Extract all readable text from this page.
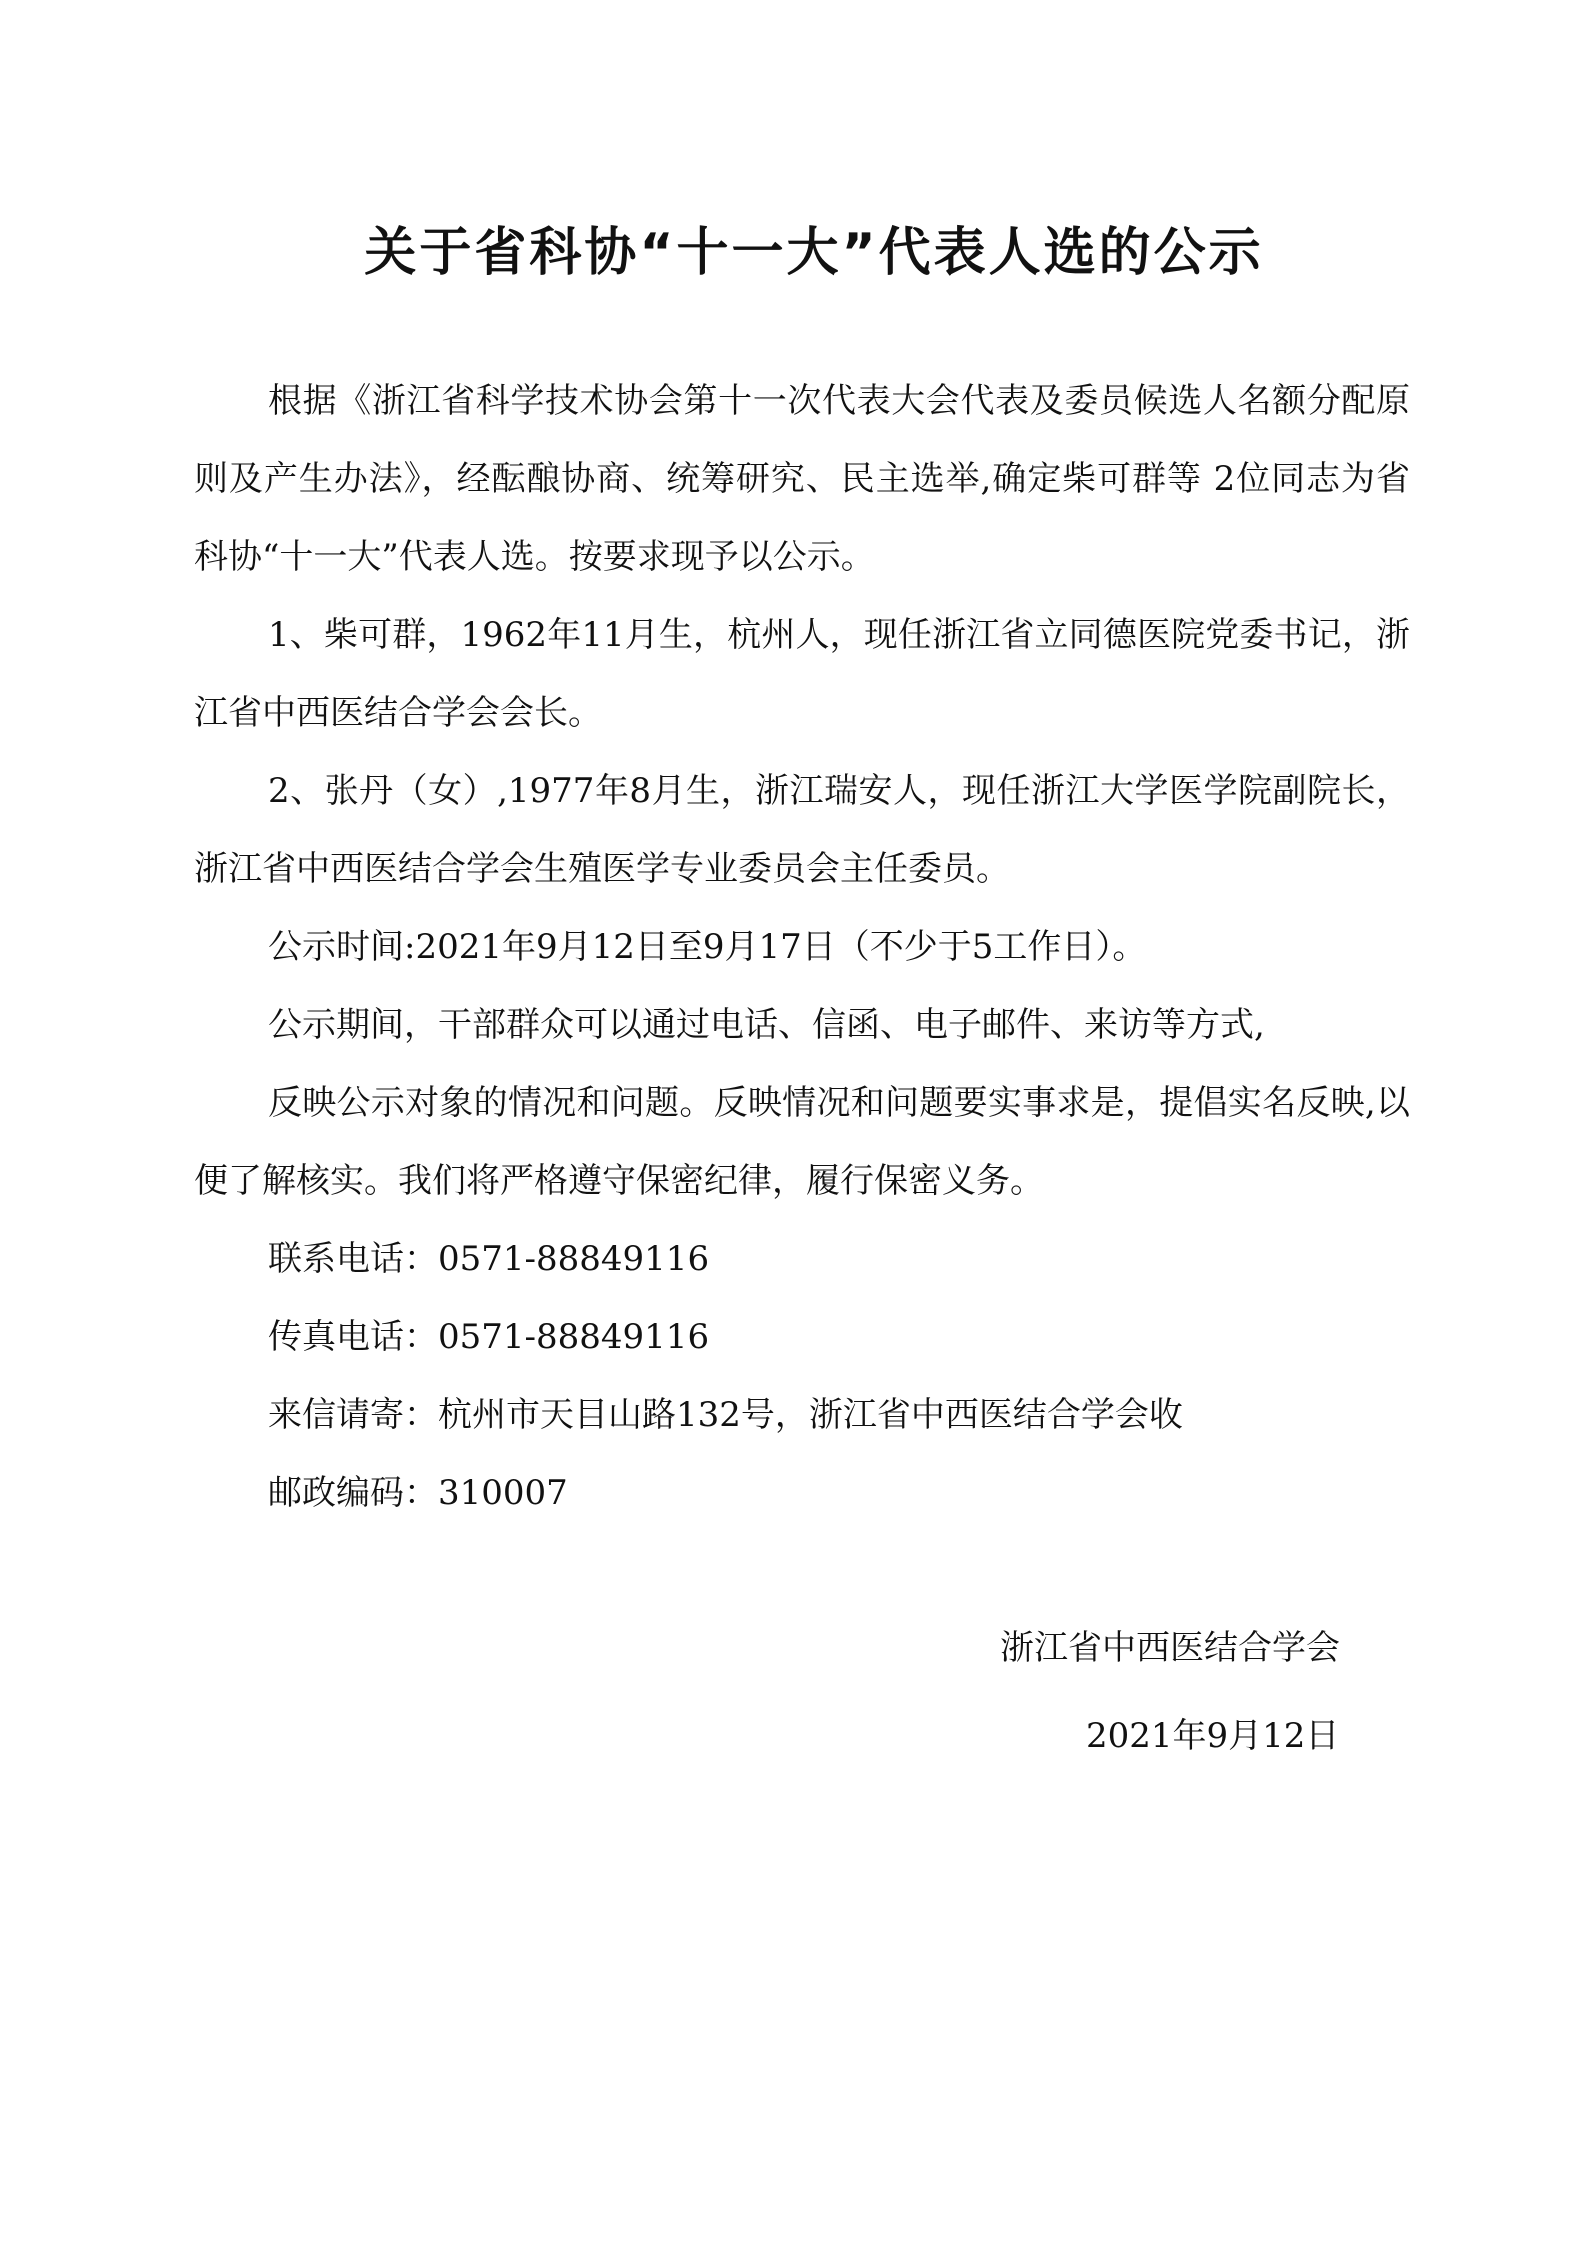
关于省科协“十一大”代表人选的公示

根据《浙江省科学技术协会第十一次代表大会代表及委员候选人名额分配原则及产生办法》，经酝酿协商、统筹研究、民主选举,确定柴可群等 2位同志为省科协“十一大”代表人选。按要求现予以公示。

1、柴可群，1962年11月生，杭州人，现任浙江省立同德医院党委书记，浙江省中西医结合学会会长。

2、张丹（女）,1977年8月生，浙江瑞安人，现任浙江大学医学院副院长，浙江省中西医结合学会生殖医学专业委员会主任委员。

公示时间:2021年9月12日至9月17日（不少于5工作日）。

公示期间，干部群众可以通过电话、信函、电子邮件、来访等方式,

反映公示对象的情况和问题。反映情况和问题要实事求是，提倡实名反映,以便了解核实。我们将严格遵守保密纪律，履行保密义务。

联系电话：0571-88849116

传真电话：0571-88849116

来信请寄：杭州市天目山路132号，浙江省中西医结合学会收

邮政编码：310007

浙江省中西医结合学会
2021年9月12日
